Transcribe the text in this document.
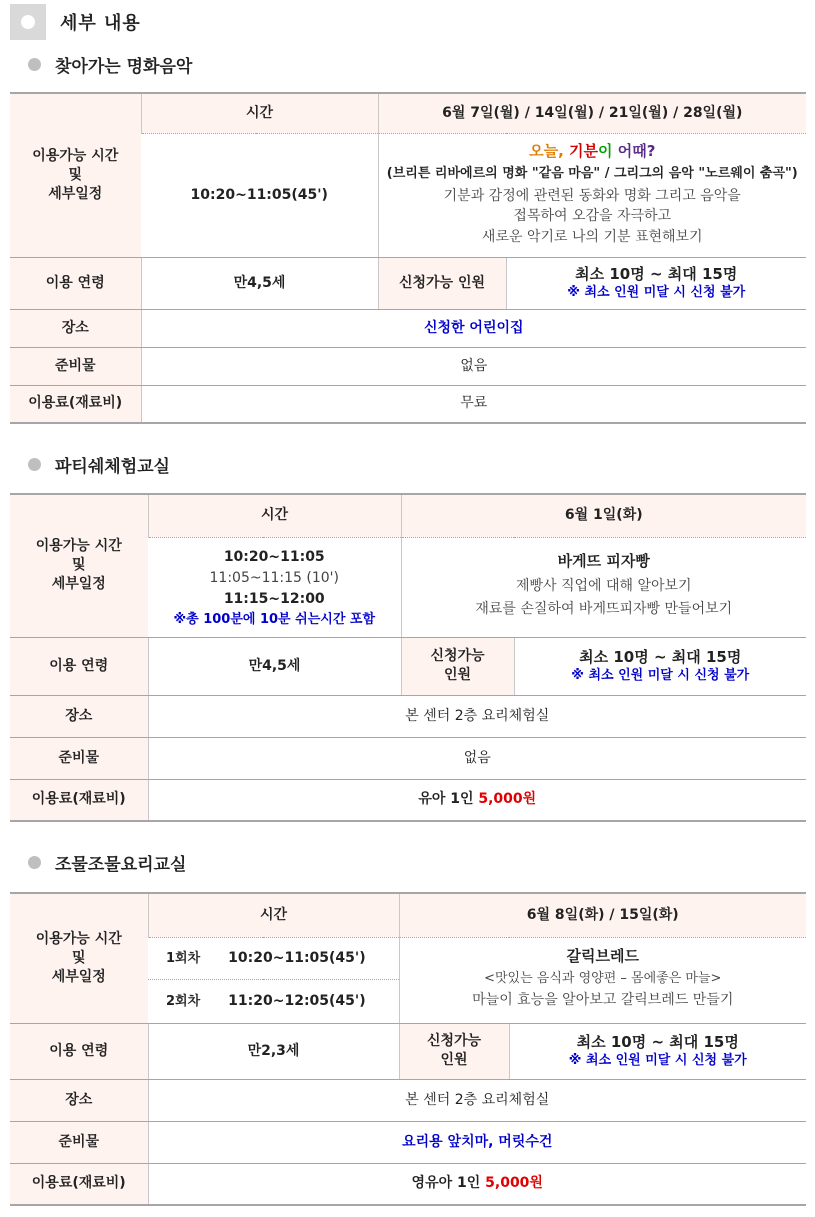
세부 내용
찾아가는 명화음악
이용가능 시간
및
세부일정	시간	6월 7일(월) / 14일(월) / 21일(월) / 28일(월)	
	10:20~11:05(45')	오늘, 기분이 어때?
(브리튼 리바에르의 명화 "같음 마음" / 그리그의 음악 "노르웨이 춤곡")
기분과 감정에 관련된 동화와 명화 그리고 음악을
접목하여 오감을 자극하고
새로운 악기로 나의 기분 표현해보기	

이용 연령	만4,5세	신청가능 인원	최소 10명 ~ 최대 15명
※ 최소 인원 미달 시 신청 불가

장소	신청한 어린이집		
준비물	없음		
이용료(재료비)	무료		
파티쉐체험교실
이용가능 시간
및
세부일정	시간	6월 1일(화)	

	10:20~11:05
11:05~11:15 (10')
11:15~12:00
※총 100분에 10분 쉬는시간 포함	바게뜨 피자빵
제빵사 직업에 대해 알아보기
재료를 손질하여 바게뜨피자빵 만들어보기	

이용 연령	만4,5세	신청가능
인원	최소 10명 ~ 최대 15명
※ 최소 인원 미달 시 신청 불가

장소	본 센터 2층 요리체험실		
준비물	없음		
이용료(재료비)	유아 1인 5,000원		
조물조물요리교실
이용가능 시간
및
세부일정	시간	6월 8일(화) / 15일(화)	
	1회차 10:20~11:05(45')	갈릭브레드
<맛있는 음식과 영양편 – 몸에좋은 마늘>
마늘이 효능을 알아보고 갈릭브레드 만들기	

	2회차 11:20~12:05(45')		
이용 연령	만2,3세	신청가능
인원	최소 10명 ~ 최대 15명
※ 최소 인원 미달 시 신청 불가

장소	본 센터 2층 요리체험실		
준비물	요리용 앞치마, 머릿수건		
이용료(재료비)	영유아 1인 5,000원		
